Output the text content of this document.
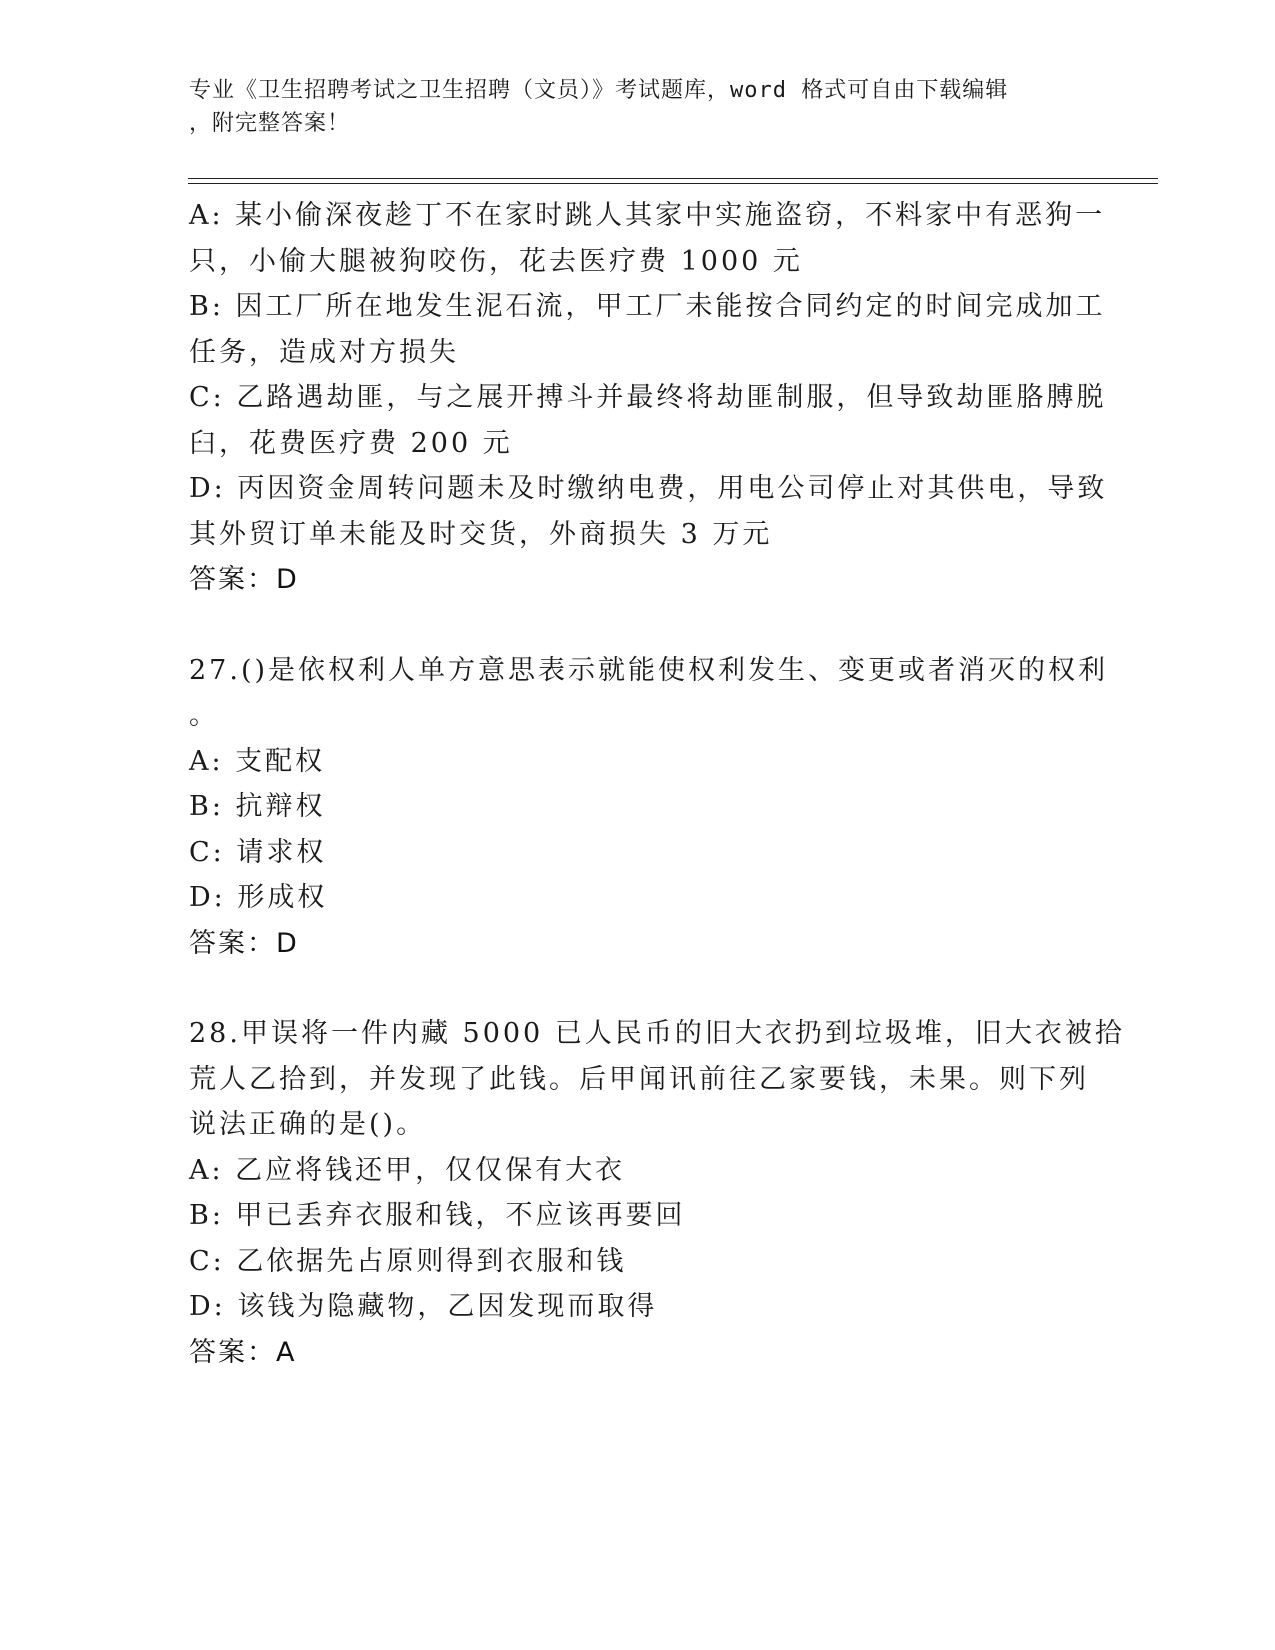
专业《卫生招聘考试之卫生招聘（文员）》考试题库，word 格式可自由下载编辑
，附完整答案！
A: 某小偷深夜趁丁不在家时跳人其家中实施盗窃，不料家中有恶狗一
只，小偷大腿被狗咬伤，花去医疗费 1000 元
B: 因工厂所在地发生泥石流，甲工厂未能按合同约定的时间完成加工
任务，造成对方损失
C: 乙路遇劫匪，与之展开搏斗并最终将劫匪制服，但导致劫匪胳膊脱
臼，花费医疗费 200 元
D: 丙因资金周转问题未及时缴纳电费，用电公司停止对其供电，导致
其外贸订单未能及时交货，外商损失 3 万元
答案：D
27.()是依权利人单方意思表示就能使权利发生、变更或者消灭的权利
。
A: 支配权
B: 抗辩权
C: 请求权
D: 形成权
答案：D
28.甲误将一件内藏 5000 已人民币的旧大衣扔到垃圾堆，旧大衣被拾
荒人乙拾到，并发现了此钱。后甲闻讯前往乙家要钱，未果。则下列
说法正确的是()。
A: 乙应将钱还甲，仅仅保有大衣
B: 甲已丢弃衣服和钱，不应该再要回
C: 乙依据先占原则得到衣服和钱
D: 该钱为隐藏物，乙因发现而取得
答案：A
